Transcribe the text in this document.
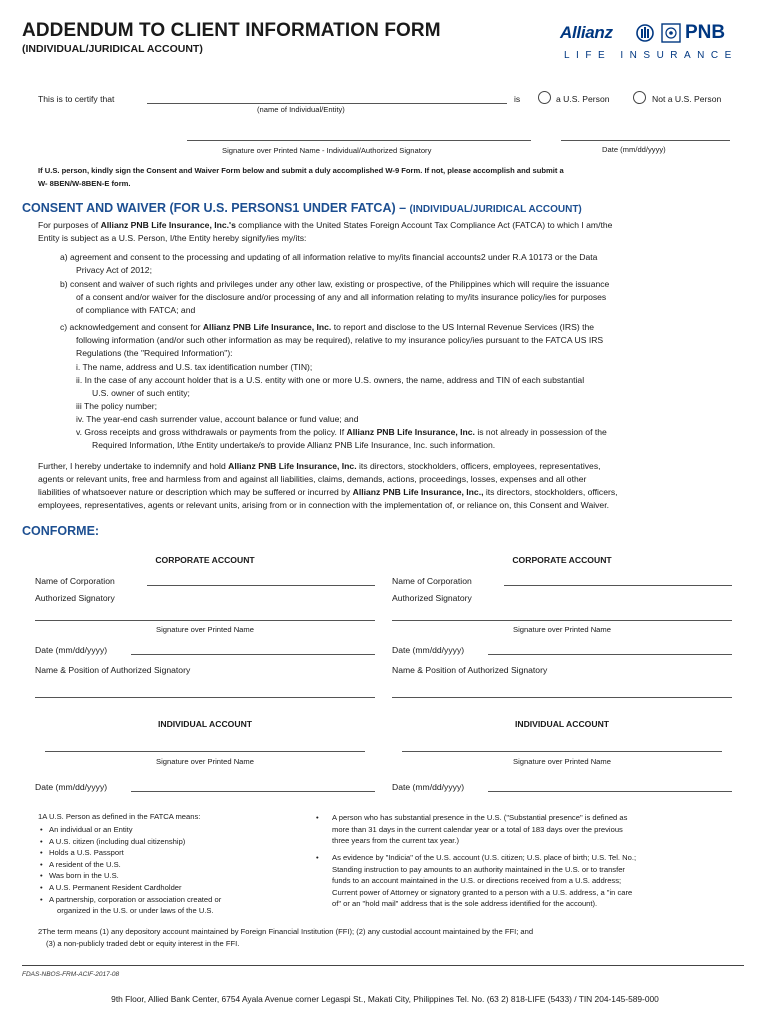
ADDENDUM TO CLIENT INFORMATION FORM
(INDIVIDUAL/JURIDICAL ACCOUNT)
Allianz	PNB
LIFE INSURANCE
This is to certify that
(name of Individual/Entity)
is	a U.S. Person	Not a U.S. Person
Signature over Printed Name - Individual/Authorized Signatory	Date (mm/dd/yyyy)
If U.S. person, kindly sign the Consent and Waiver Form below and submit a duly accomplished W-9 Form. If not, please accomplish and submit a
W- 8BEN/W-8BEN-E form.
CONSENT AND WAIVER (FOR U.S. PERSONS1 UNDER FATCA) – (INDIVIDUAL/JURIDICAL ACCOUNT)
For purposes of Allianz PNB Life Insurance, Inc.'s compliance with the United States Foreign Account Tax Compliance Act (FATCA) to which I am/the
Entity is subject as a U.S. Person, I/the Entity hereby signify/ies my/its:
a) agreement and consent to the processing and updating of all information relative to my/its financial accounts2 under R.A 10173 or the Data
Privacy Act of 2012;
b) consent and waiver of such rights and privileges under any other law, existing or prospective, of the Philippines which will require the issuance
of a consent and/or waiver for the disclosure and/or processing of any and all information relating to my/its insurance policy/ies for purposes
of compliance with FATCA; and
c) acknowledgement and consent for Allianz PNB Life Insurance, Inc. to report and disclose to the US Internal Revenue Services (IRS) the
following information (and/or such other information as may be required), relative to my insurance policy/ies pursuant to the FATCA US IRS
Regulations (the "Required Information"):
i. The name, address and U.S. tax identification number (TIN);
ii. In the case of any account holder that is a U.S. entity with one or more U.S. owners, the name, address and TIN of each substantial
U.S. owner of such entity;
iii The policy number;
iv. The year-end cash surrender value, account balance or fund value; and
v. Gross receipts and gross withdrawals or payments from the policy. If Allianz PNB Life Insurance, Inc. is not already in possession of the
Required Information, I/the Entity undertake/s to provide Allianz PNB Life Insurance, Inc. such information.
Further, I hereby undertake to indemnify and hold Allianz PNB Life Insurance, Inc. its directors, stockholders, officers, employees, representatives,
agents or relevant units, free and harmless from and against all liabilities, claims, demands, actions, proceedings, losses, expenses and all other
liabilities of whatsoever nature or description which may be suffered or incurred by Allianz PNB Life Insurance, Inc., its directors, stockholders, officers,
employees, representatives, agents or relevant units, arising from or in connection with the implementation of, or reliance on, this Consent and Waiver.
CONFORME:
CORPORATE ACCOUNT
Name of Corporation
Authorized Signatory
Signature over Printed Name
Date (mm/dd/yyyy)
Name & Position of Authorized Signatory
CORPORATE ACCOUNT
Name of Corporation
Authorized Signatory
Signature over Printed Name
Date (mm/dd/yyyy)
Name & Position of Authorized Signatory
INDIVIDUAL ACCOUNT
Signature over Printed Name
Date (mm/dd/yyyy)
INDIVIDUAL ACCOUNT
Signature over Printed Name
Date (mm/dd/yyyy)
1A U.S. Person as defined in the FATCA means:
•   An individual or an Entity
•   A U.S. citizen (including dual citizenship)
•   Holds a U.S. Passport
•   A resident of the U.S.
•   Was born in the U.S.
•   A U.S. Permanent Resident Cardholder
•   A partnership, corporation or association created or
organized in the U.S. or under laws of the U.S.
• A person who has substantial presence in the U.S. ("Substantial presence" is defined as
more than 31 days in the current calendar year or a total of 183 days over the previous
three years from the current tax year.)
• As evidence by "Indicia" of the U.S. account (U.S. citizen; U.S. place of birth; U.S. Tel. No.;
Standing instruction to pay amounts to an authority maintained in the U.S. or to transfer
funds to an account maintained in the U.S. or directions received from a U.S. address;
Current power of Attorney or signatory granted to a person with a U.S. address, a "in care
of" or an "hold mail" address that is the sole address identified for the account).
2The term means (1) any depository account maintained by Foreign Financial Institution (FFI); (2) any custodial account maintained by the FFI; and
(3) a non-publicly traded debt or equity interest in the FFI.
FDAS-NBOS-FRM-ACIF-2017-08
9th Floor, Allied Bank Center, 6754 Ayala Avenue corner Legaspi St., Makati City, Philippines Tel. No. (63 2) 818-LIFE (5433) / TIN 204-145-589-000
